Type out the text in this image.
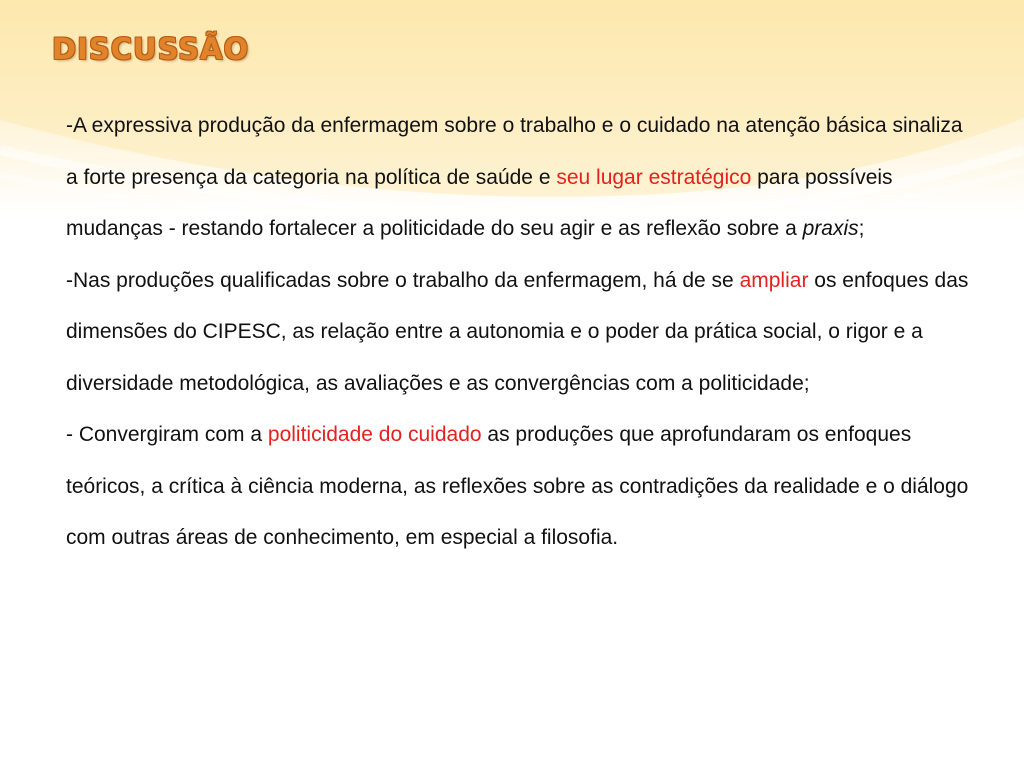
DISCUSSÃO
-A expressiva produção da enfermagem sobre o trabalho e o cuidado na atenção básica sinaliza a forte presença da categoria na política de saúde e seu lugar estratégico para possíveis mudanças - restando fortalecer a politicidade do seu agir e as reflexão sobre a praxis;
-Nas produções qualificadas sobre o trabalho da enfermagem, há de se ampliar os enfoques das dimensões do CIPESC, as relação entre a autonomia e o poder da prática social, o rigor e a diversidade metodológica, as avaliações e as convergências com a politicidade;
- Convergiram com a politicidade do cuidado as produções que aprofundaram os enfoques teóricos, a crítica à ciência moderna, as reflexões sobre as contradições da realidade e o diálogo com outras áreas de conhecimento, em especial a filosofia.
